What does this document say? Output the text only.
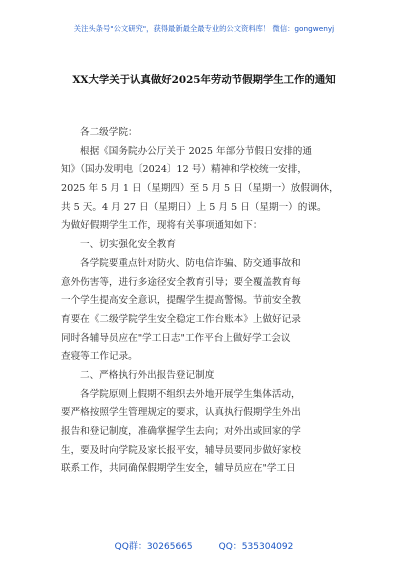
关注头条号"公文研究"，获得最新最全最专业的公文资料库！ 微信：gongwenyj
XX大学关于认真做好2025年劳动节假期学生工作的通知
各二级学院：
根据《国务院办公厅关于 2025 年部分节假日安排的通
知》（国办发明电〔2024〕12 号）精神和学校统一安排，
2025 年 5 月 1 日（星期四）至 5 月 5 日（星期一）放假调休，
共 5 天。4 月 27 日（星期日）上 5 月 5 日（星期一）的课。
为做好假期学生工作，现将有关事项通知如下：
一、切实强化安全教育
各学院要重点针对防火、防电信诈骗、防交通事故和
意外伤害等，进行多途径安全教育引导；要全覆盖教育每
一个学生提高安全意识，提醒学生提高警惕。节前安全教
育要在《二级学院学生安全稳定工作台账本》上做好记录
同时各辅导员应在"学工日志"工作平台上做好学工会议
查寝等工作记录。
二、严格执行外出报告登记制度
各学院原则上假期不组织去外地开展学生集体活动，
要严格按照学生管理规定的要求，认真执行假期学生外出
报告和登记制度，准确掌握学生去向；对外出或回家的学
生，要及时向学院及家长报平安，辅导员要同步做好家校
联系工作，共同确保假期学生安全，辅导员应在"学工日
QQ群：30265665	QQ：535304092
